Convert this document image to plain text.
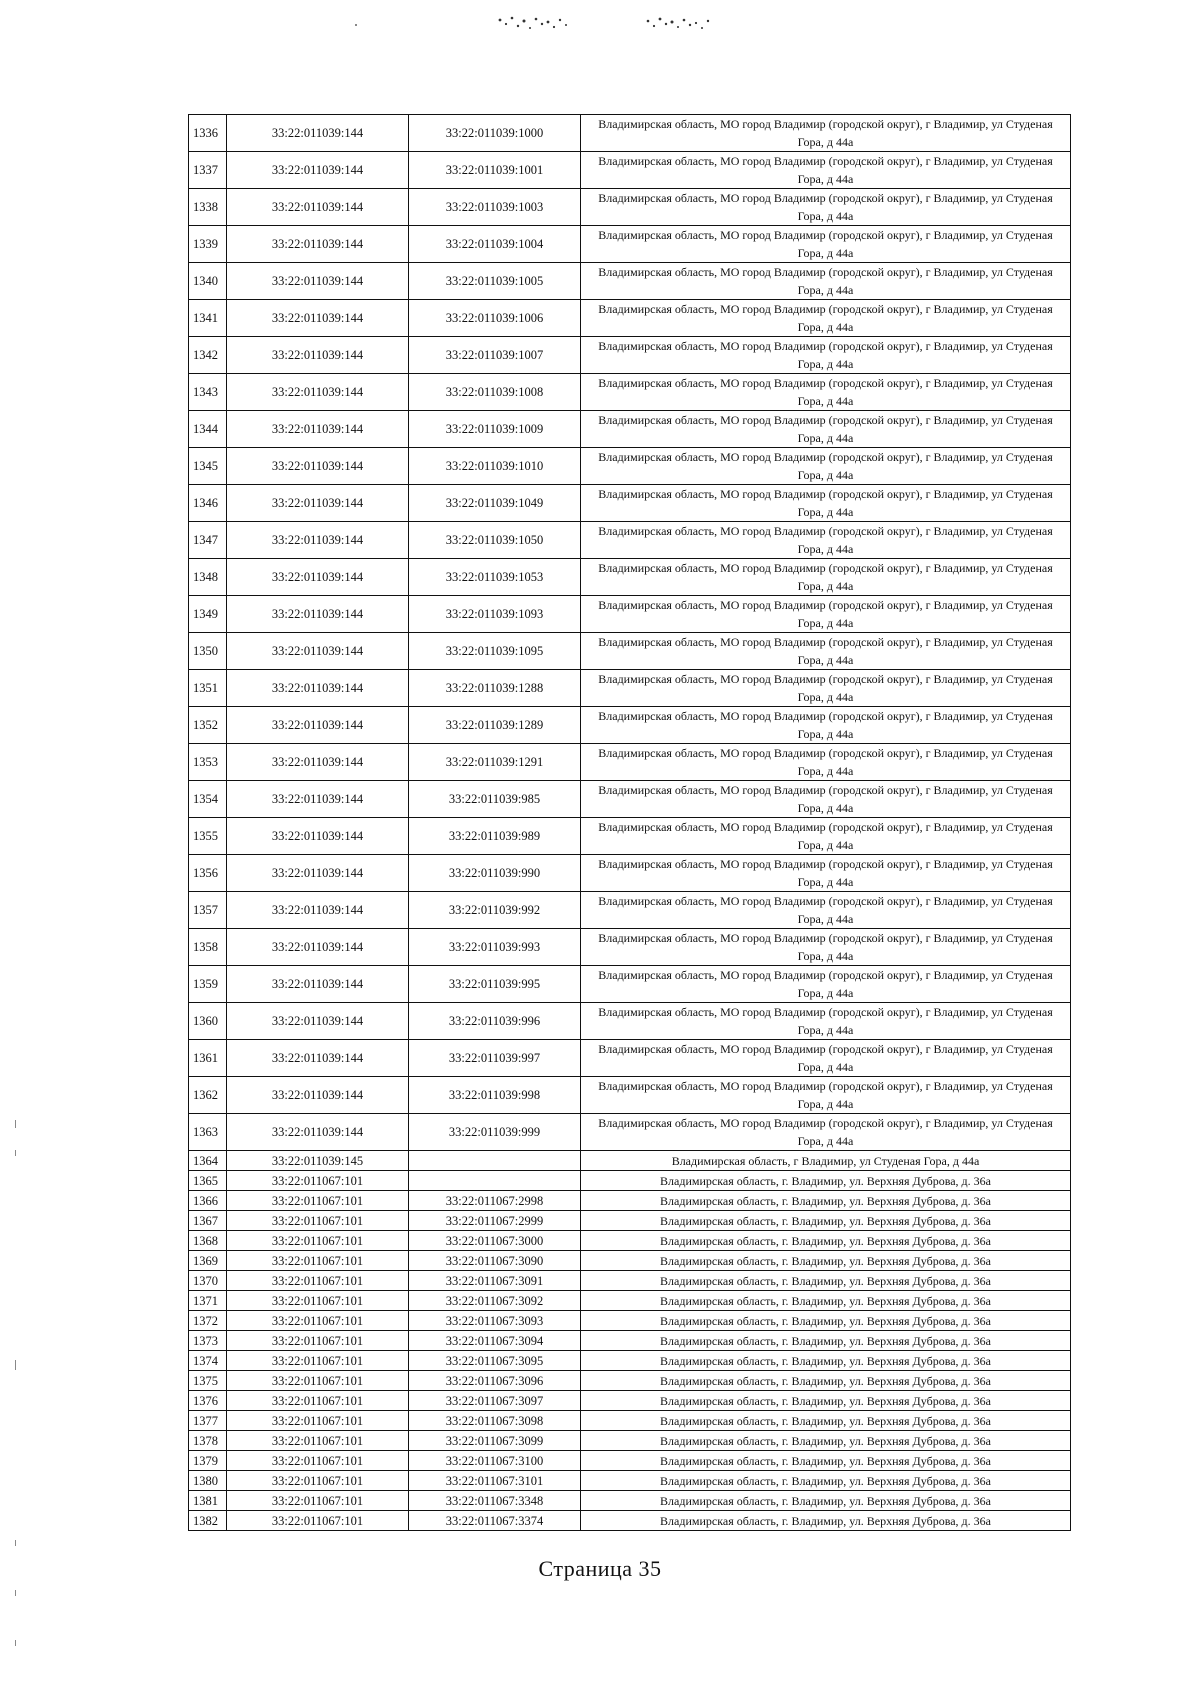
1336	33:22:011039:144	33:22:011039:1000	Владимирская область, МО город Владимир (городской округ), г Владимир, ул Студеная Гора, д 44а
1337	33:22:011039:144	33:22:011039:1001	Владимирская область, МО город Владимир (городской округ), г Владимир, ул Студеная Гора, д 44а
1338	33:22:011039:144	33:22:011039:1003	Владимирская область, МО город Владимир (городской округ), г Владимир, ул Студеная Гора, д 44а
1339	33:22:011039:144	33:22:011039:1004	Владимирская область, МО город Владимир (городской округ), г Владимир, ул Студеная Гора, д 44а
1340	33:22:011039:144	33:22:011039:1005	Владимирская область, МО город Владимир (городской округ), г Владимир, ул Студеная Гора, д 44а
1341	33:22:011039:144	33:22:011039:1006	Владимирская область, МО город Владимир (городской округ), г Владимир, ул Студеная Гора, д 44а
1342	33:22:011039:144	33:22:011039:1007	Владимирская область, МО город Владимир (городской округ), г Владимир, ул Студеная Гора, д 44а
1343	33:22:011039:144	33:22:011039:1008	Владимирская область, МО город Владимир (городской округ), г Владимир, ул Студеная Гора, д 44а
1344	33:22:011039:144	33:22:011039:1009	Владимирская область, МО город Владимир (городской округ), г Владимир, ул Студеная Гора, д 44а
1345	33:22:011039:144	33:22:011039:1010	Владимирская область, МО город Владимир (городской округ), г Владимир, ул Студеная Гора, д 44а
1346	33:22:011039:144	33:22:011039:1049	Владимирская область, МО город Владимир (городской округ), г Владимир, ул Студеная Гора, д 44а
1347	33:22:011039:144	33:22:011039:1050	Владимирская область, МО город Владимир (городской округ), г Владимир, ул Студеная Гора, д 44а
1348	33:22:011039:144	33:22:011039:1053	Владимирская область, МО город Владимир (городской округ), г Владимир, ул Студеная Гора, д 44а
1349	33:22:011039:144	33:22:011039:1093	Владимирская область, МО город Владимир (городской округ), г Владимир, ул Студеная Гора, д 44а
1350	33:22:011039:144	33:22:011039:1095	Владимирская область, МО город Владимир (городской округ), г Владимир, ул Студеная Гора, д 44а
1351	33:22:011039:144	33:22:011039:1288	Владимирская область, МО город Владимир (городской округ), г Владимир, ул Студеная Гора, д 44а
1352	33:22:011039:144	33:22:011039:1289	Владимирская область, МО город Владимир (городской округ), г Владимир, ул Студеная Гора, д 44а
1353	33:22:011039:144	33:22:011039:1291	Владимирская область, МО город Владимир (городской округ), г Владимир, ул Студеная Гора, д 44а
1354	33:22:011039:144	33:22:011039:985	Владимирская область, МО город Владимир (городской округ), г Владимир, ул Студеная Гора, д 44а
1355	33:22:011039:144	33:22:011039:989	Владимирская область, МО город Владимир (городской округ), г Владимир, ул Студеная Гора, д 44а
1356	33:22:011039:144	33:22:011039:990	Владимирская область, МО город Владимир (городской округ), г Владимир, ул Студеная Гора, д 44а
1357	33:22:011039:144	33:22:011039:992	Владимирская область, МО город Владимир (городской округ), г Владимир, ул Студеная Гора, д 44а
1358	33:22:011039:144	33:22:011039:993	Владимирская область, МО город Владимир (городской округ), г Владимир, ул Студеная Гора, д 44а
1359	33:22:011039:144	33:22:011039:995	Владимирская область, МО город Владимир (городской округ), г Владимир, ул Студеная Гора, д 44а
1360	33:22:011039:144	33:22:011039:996	Владимирская область, МО город Владимир (городской округ), г Владимир, ул Студеная Гора, д 44а
1361	33:22:011039:144	33:22:011039:997	Владимирская область, МО город Владимир (городской округ), г Владимир, ул Студеная Гора, д 44а
1362	33:22:011039:144	33:22:011039:998	Владимирская область, МО город Владимир (городской округ), г Владимир, ул Студеная Гора, д 44а
1363	33:22:011039:144	33:22:011039:999	Владимирская область, МО город Владимир (городской округ), г Владимир, ул Студеная Гора, д 44а
1364	33:22:011039:145		Владимирская область, г Владимир, ул Студеная Гора, д 44а
1365	33:22:011067:101		Владимирская область, г. Владимир, ул. Верхняя Дуброва, д. 36а
1366	33:22:011067:101	33:22:011067:2998	Владимирская область, г. Владимир, ул. Верхняя Дуброва, д. 36а
1367	33:22:011067:101	33:22:011067:2999	Владимирская область, г. Владимир, ул. Верхняя Дуброва, д. 36а
1368	33:22:011067:101	33:22:011067:3000	Владимирская область, г. Владимир, ул. Верхняя Дуброва, д. 36а
1369	33:22:011067:101	33:22:011067:3090	Владимирская область, г. Владимир, ул. Верхняя Дуброва, д. 36а
1370	33:22:011067:101	33:22:011067:3091	Владимирская область, г. Владимир, ул. Верхняя Дуброва, д. 36а
1371	33:22:011067:101	33:22:011067:3092	Владимирская область, г. Владимир, ул. Верхняя Дуброва, д. 36а
1372	33:22:011067:101	33:22:011067:3093	Владимирская область, г. Владимир, ул. Верхняя Дуброва, д. 36а
1373	33:22:011067:101	33:22:011067:3094	Владимирская область, г. Владимир, ул. Верхняя Дуброва, д. 36а
1374	33:22:011067:101	33:22:011067:3095	Владимирская область, г. Владимир, ул. Верхняя Дуброва, д. 36а
1375	33:22:011067:101	33:22:011067:3096	Владимирская область, г. Владимир, ул. Верхняя Дуброва, д. 36а
1376	33:22:011067:101	33:22:011067:3097	Владимирская область, г. Владимир, ул. Верхняя Дуброва, д. 36а
1377	33:22:011067:101	33:22:011067:3098	Владимирская область, г. Владимир, ул. Верхняя Дуброва, д. 36а
1378	33:22:011067:101	33:22:011067:3099	Владимирская область, г. Владимир, ул. Верхняя Дуброва, д. 36а
1379	33:22:011067:101	33:22:011067:3100	Владимирская область, г. Владимир, ул. Верхняя Дуброва, д. 36а
1380	33:22:011067:101	33:22:011067:3101	Владимирская область, г. Владимир, ул. Верхняя Дуброва, д. 36а
1381	33:22:011067:101	33:22:011067:3348	Владимирская область, г. Владимир, ул. Верхняя Дуброва, д. 36а
1382	33:22:011067:101	33:22:011067:3374	Владимирская область, г. Владимир, ул. Верхняя Дуброва, д. 36а
Страница 35
